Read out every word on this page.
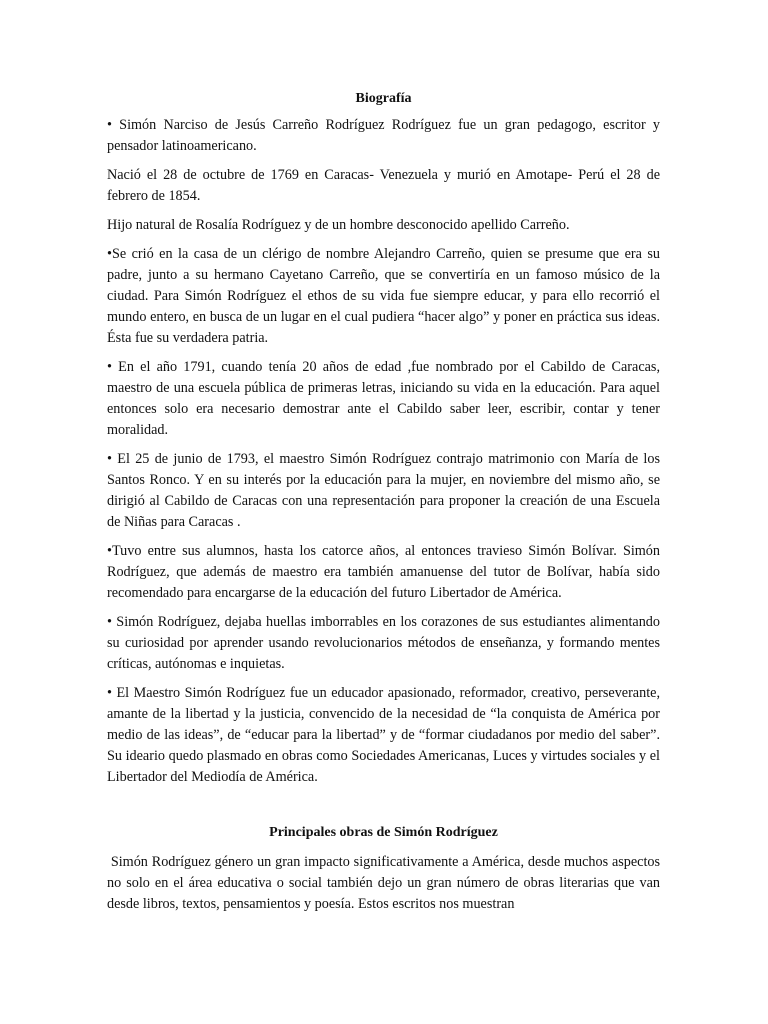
Biografía

• Simón Narciso de Jesús Carreño Rodríguez Rodríguez fue un gran pedagogo, escritor y pensador latinoamericano.

Nació el 28 de octubre de 1769 en Caracas- Venezuela y murió en Amotape- Perú el 28 de febrero de 1854.

Hijo natural de Rosalía Rodríguez y de un hombre desconocido apellido Carreño.

•Se crió en la casa de un clérigo de nombre Alejandro Carreño, quien se presume que era su padre, junto a su hermano Cayetano Carreño, que se convertiría en un famoso músico de la ciudad. Para Simón Rodríguez el ethos de su vida fue siempre educar, y para ello recorrió el mundo entero, en busca de un lugar en el cual pudiera “hacer algo” y poner en práctica sus ideas. Ésta fue su verdadera patria.

• En el año 1791, cuando tenía 20 años de edad ,fue nombrado por el Cabildo de Caracas, maestro de una escuela pública de primeras letras, iniciando su vida en la educación. Para aquel entonces solo era necesario demostrar ante el Cabildo saber leer, escribir, contar y tener moralidad.

• El 25 de junio de 1793, el maestro Simón Rodríguez contrajo matrimonio con María de los Santos Ronco. Y en su interés por la educación para la mujer, en noviembre del mismo año, se dirigió al Cabildo de Caracas con una representación para proponer la creación de una Escuela de Niñas para Caracas .

•Tuvo entre sus alumnos, hasta los catorce años, al entonces travieso Simón Bolívar. Simón Rodríguez, que además de maestro era también amanuense del tutor de Bolívar, había sido recomendado para encargarse de la educación del futuro Libertador de América.

• Simón Rodríguez, dejaba huellas imborrables en los corazones de sus estudiantes alimentando su curiosidad por aprender usando revolucionarios métodos de enseñanza, y formando mentes críticas, autónomas e inquietas.

• El Maestro Simón Rodríguez fue un educador apasionado, reformador, creativo, perseverante, amante de la libertad y la justicia, convencido de la necesidad de “la conquista de América por medio de las ideas”, de “educar para la libertad” y de “formar ciudadanos por medio del saber”. Su ideario quedo plasmado en obras como Sociedades Americanas, Luces y virtudes sociales y el Libertador del Mediodía de América.

Principales obras de Simón Rodríguez

Simón Rodríguez género un gran impacto significativamente a América, desde muchos aspectos no solo en el área educativa o social también dejo un gran número de obras literarias que van desde libros, textos, pensamientos y poesía. Estos escritos nos muestran
